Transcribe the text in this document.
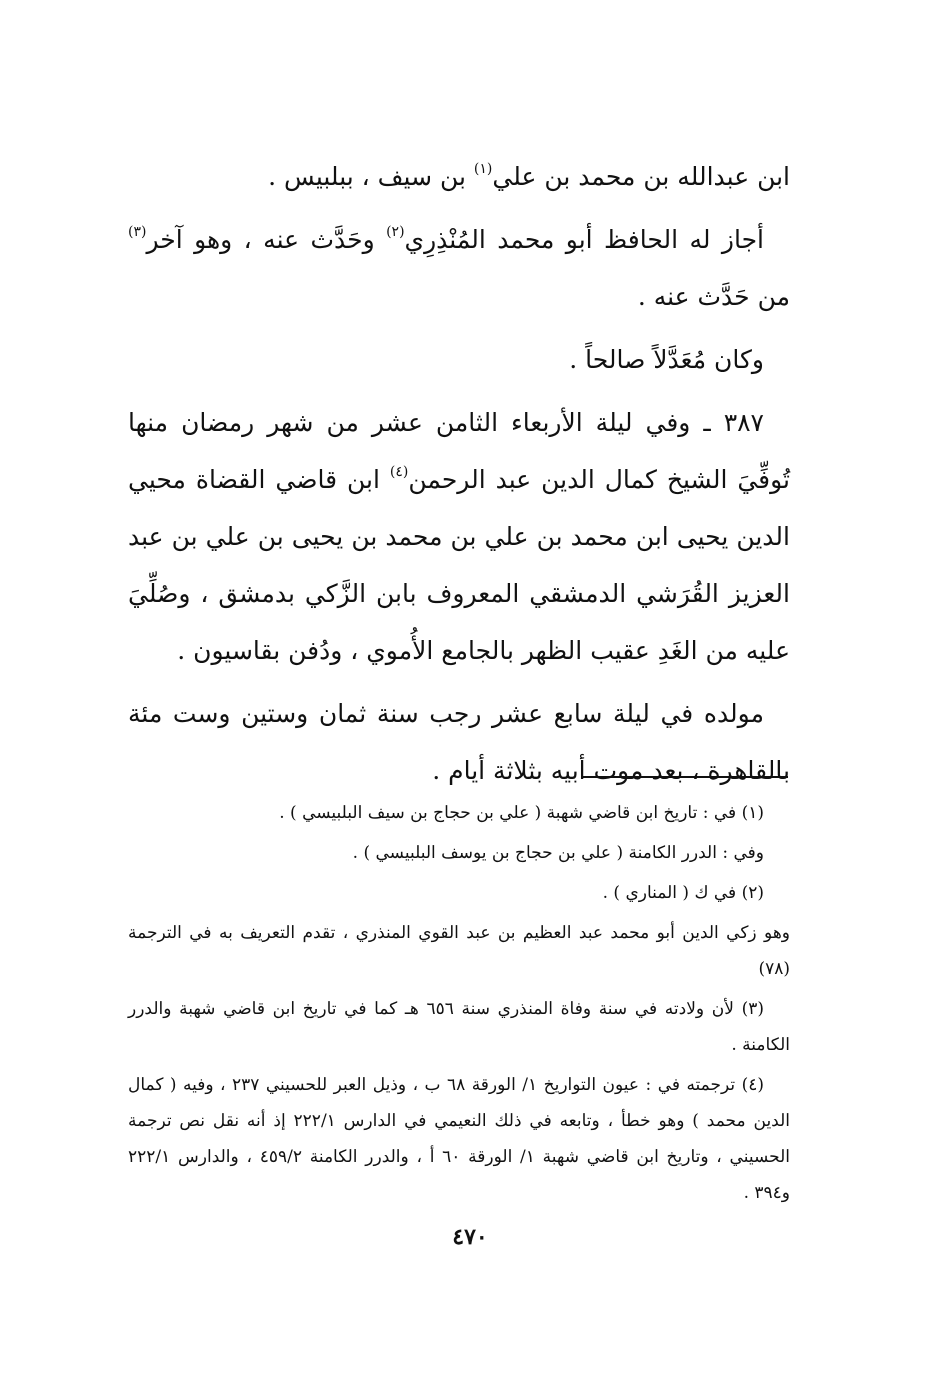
ابن عبدالله بن محمد بن علي$^{(١)}$ بن سيف ، ببلبيس .

أجاز له الحافظ أبو محمد المُنْذِرِي$^{(٢)}$ وحَدَّث عنه ، وهو آخر$^{(٣)}$ من حَدَّث عنه .

وكان مُعَدَّلاً صالحاً .

٣٨٧ ـ وفي ليلة الأربعاء الثامن عشر من شهر رمضان منها تُوفِّيَ الشيخ كمال الدين عبد الرحمن$^{(٤)}$ ابن قاضي القضاة محيي الدين يحيى ابن محمد بن علي بن محمد بن يحيى بن علي بن عبد العزيز القُرَشي الدمشقي المعروف بابن الزَّكي بدمشق ، وصُلِّيَ عليه من الغَدِ عقيب الظهر بالجامع الأُموي ، ودُفن بقاسيون .

مولده في ليلة سابع عشر رجب سنة ثمان وستين وست مئة بالقاهرة ، بعد موت أبيه بثلاثة أيام .

(١) في : تاريخ ابن قاضي شهبة ( علي بن حجاج بن سيف البلبيسي ) .

وفي : الدرر الكامنة ( علي بن حجاج بن يوسف البلبيسي ) .

(٢) في ك ( المناري ) .

وهو زكي الدين أبو محمد عبد العظيم بن عبد القوي المنذري ، تقدم التعريف به في الترجمة (٧٨)

(٣) لأن ولادته في سنة وفاة المنذري سنة ٦٥٦ هـ كما في تاريخ ابن قاضي شهبة والدرر الكامنة .

(٤) ترجمته في : عيون التواريخ ١/ الورقة ٦٨ ب ، وذيل العبر للحسيني ٢٣٧ ، وفيه ( كمال الدين محمد ) وهو خطأ ، وتابعه في ذلك النعيمي في الدارس ٢٢٢/١ إذ أنه نقل نص ترجمة الحسيني ، وتاريخ ابن قاضي شهبة ١/ الورقة ٦٠ أ ، والدرر الكامنة ٤٥٩/٢ ، والدارس ٢٢٢/١ و٣٩٤ .

٤٧٠
